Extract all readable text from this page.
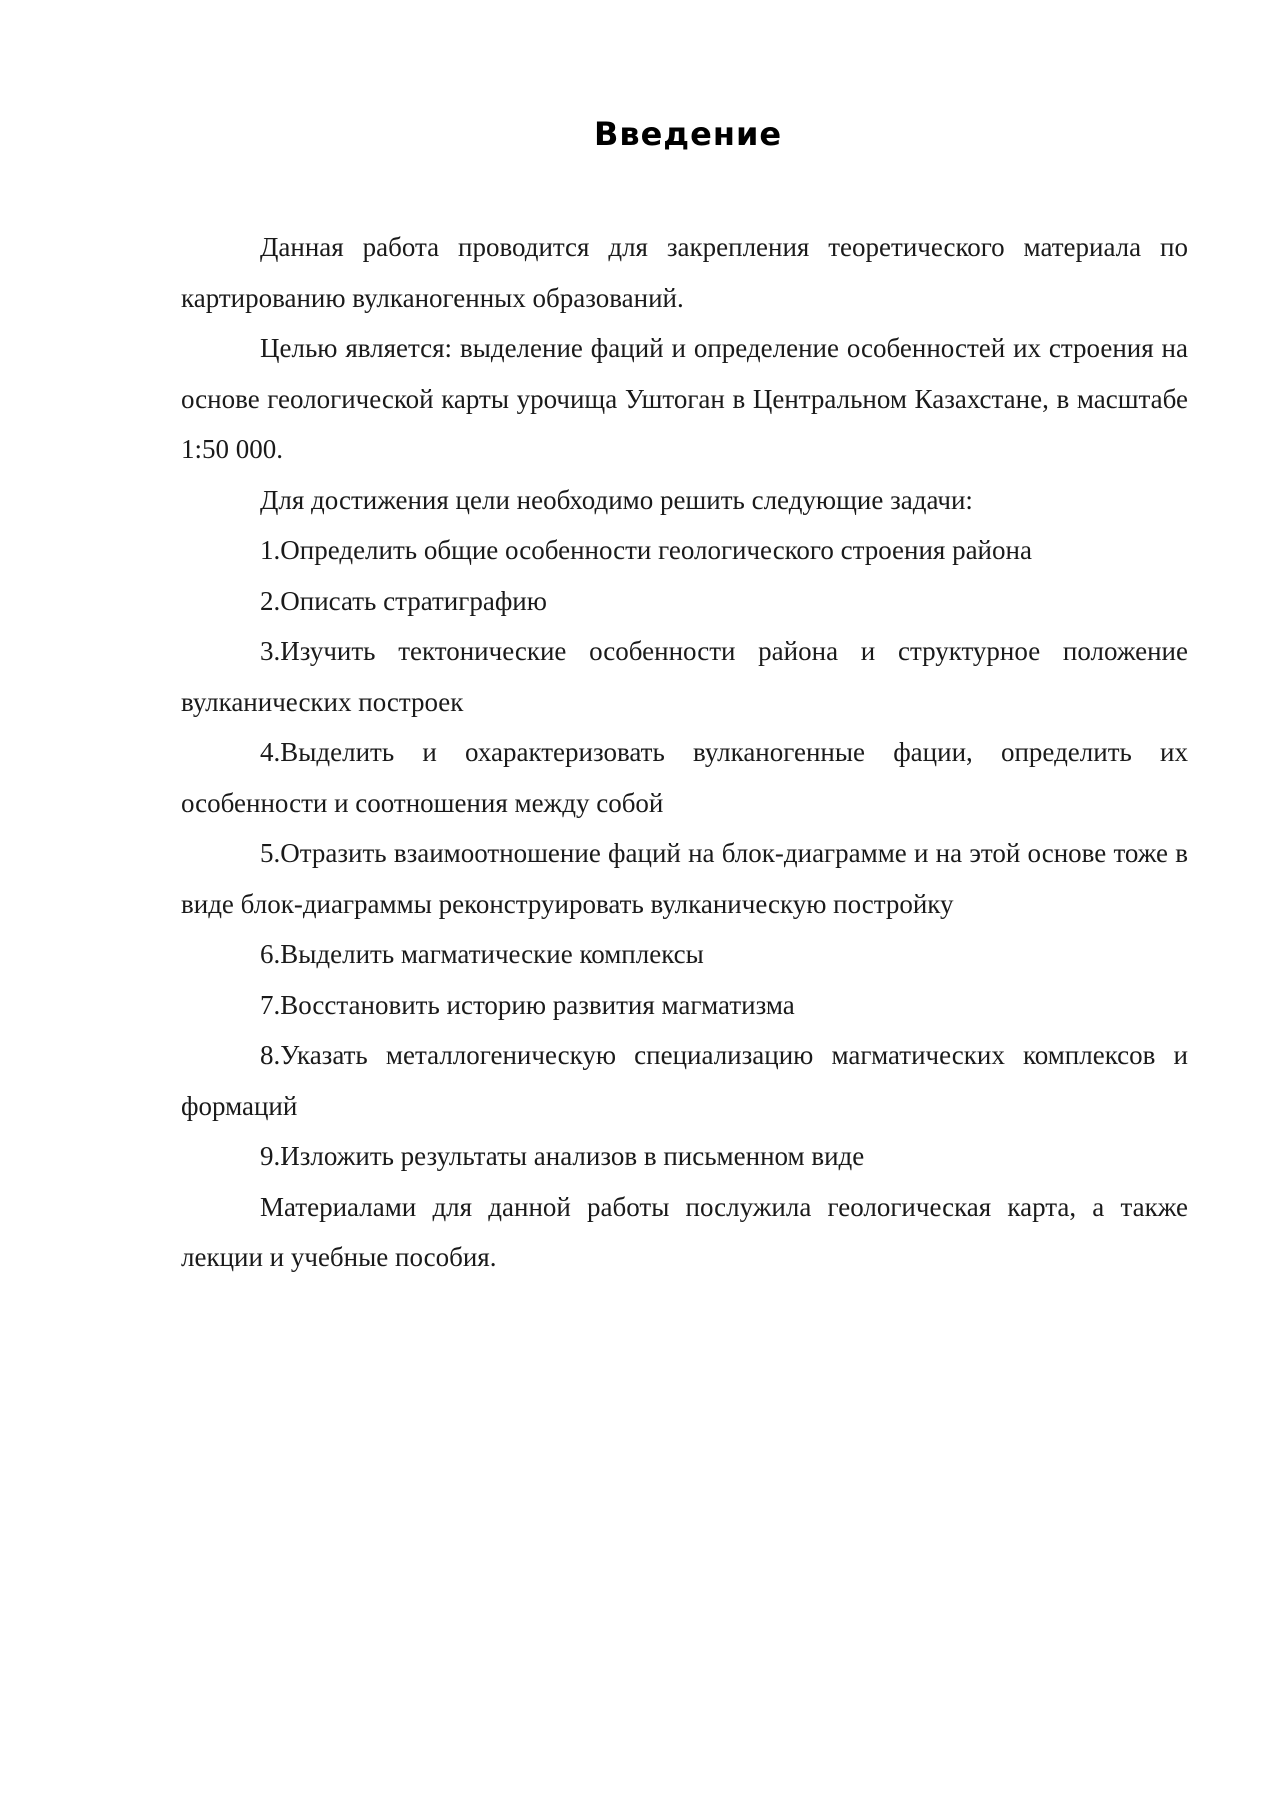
Введение

Данная работа проводится для закрепления теоретического материала по картированию вулканогенных образований.

Целью является: выделение фаций и определение особенностей их строения на основе геологической карты урочища Уштоган в Центральном Казахстане, в масштабе 1:50 000.

Для достижения цели необходимо решить следующие задачи:

1.Определить общие особенности геологического строения района

2.Описать стратиграфию

3.Изучить тектонические особенности района и структурное положение вулканических построек

4.Выделить и охарактеризовать вулканогенные фации, определить их особенности и соотношения между собой

5.Отразить взаимоотношение фаций на блок-диаграмме и на этой основе тоже в виде блок-диаграммы реконструировать вулканическую постройку

6.Выделить магматические комплексы

7.Восстановить историю развития магматизма

8.Указать металлогеническую специализацию магматических комплексов и формаций

9.Изложить результаты анализов в письменном виде

Материалами для данной работы послужила геологическая карта, а также лекции и учебные пособия.
